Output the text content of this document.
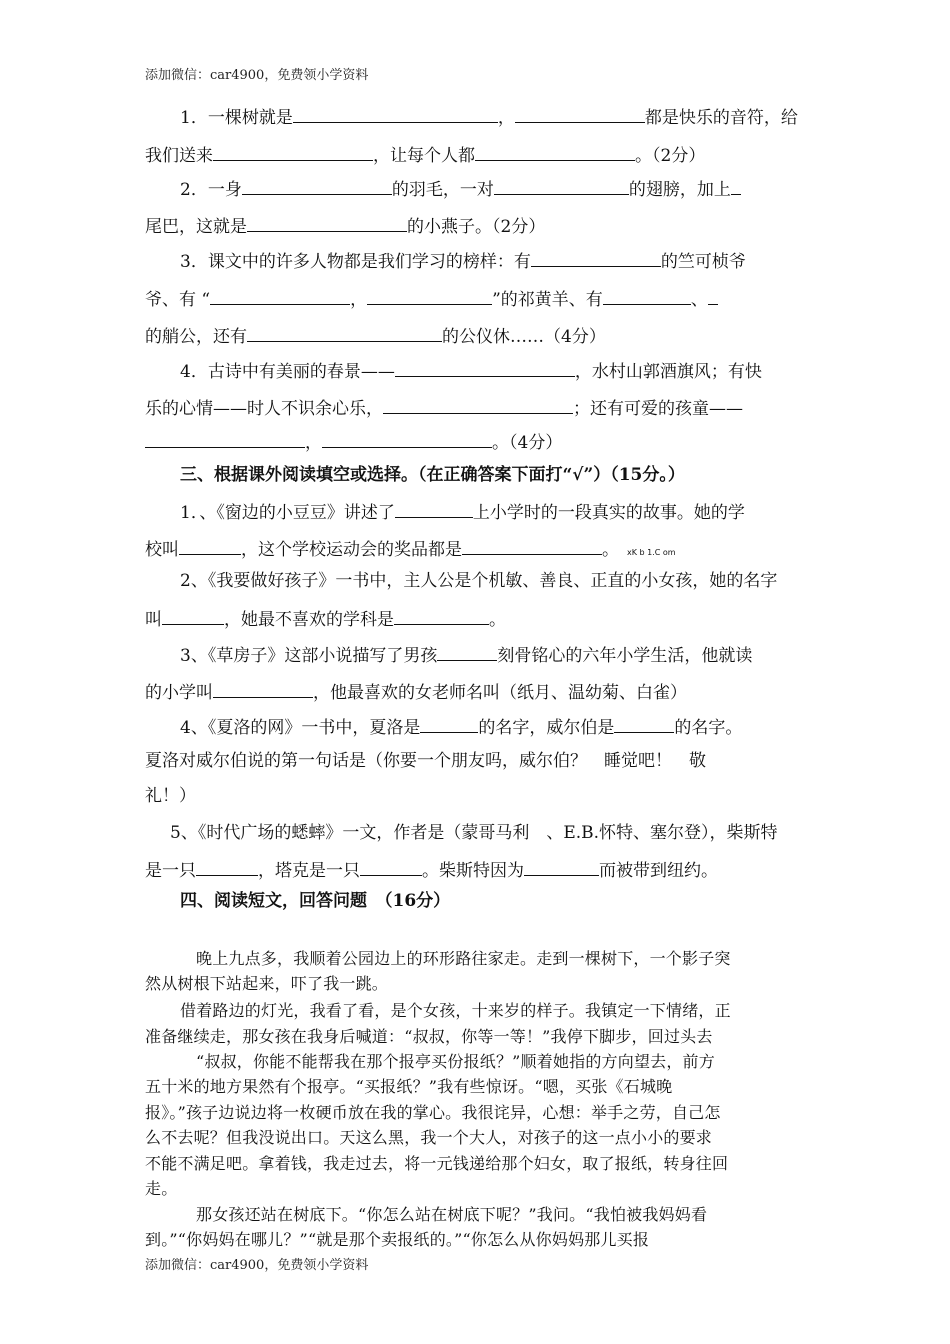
添加微信：car4900，免费领小学资料
1．一棵树就是	，	都是快乐的音符，给
我们送来	，让每个人都	。（2分）
2．一身	的羽毛，一对	的翅膀，加上
尾巴，这就是	的小燕子。（2分）
3．课文中的许多人物都是我们学习的榜样：有	的竺可桢爷
爷、有 “	，	”的祁黄羊、有	、
的艄公，还有	的公仪休……（4分）
4．古诗中有美丽的春景——	，水村山郭酒旗风；有快
乐的心情——时人不识余心乐，	；还有可爱的孩童——
，	。（4分）
三、根据课外阅读填空或选择。（在正确答案下面打“√”）（15分。）
1．、《窗边的小豆豆》讲述了	上小学时的一段真实的故事。她的学
校叫	，这个学校运动会的奖品都是	。 xK b 1.C om
2、《我要做好孩子》一书中，主人公是个机敏、善良、正直的小女孩，她的名字
叫	，她最不喜欢的学科是	。
3、《草房子》这部小说描写了男孩	刻骨铭心的六年小学生活，他就读
的小学叫	，他最喜欢的女老师名叫（纸月、温幼菊、白雀）
4、《夏洛的网》一书中，夏洛是	的名字，威尔伯是	的名字。
夏洛对威尔伯说的第一句话是（你要一个朋友吗，威尔伯？　睡觉吧！　敬
礼！）
5、《时代广场的蟋蟀》一文，作者是（蒙哥马利　、E.B.怀特、塞尔登），柴斯特
是一只	，塔克是一只	。柴斯特因为	而被带到纽约。
四、阅读短文，回答问题　（16分）
晚上九点多，我顺着公园边上的环形路往家走。走到一棵树下，一个影子突
然从树根下站起来，吓了我一跳。
借着路边的灯光，我看了看，是个女孩，十来岁的样子。我镇定一下情绪，正
准备继续走，那女孩在我身后喊道：“叔叔，你等一等！”我停下脚步，回过头去
“叔叔，你能不能帮我在那个报亭买份报纸？”顺着她指的方向望去，前方
五十米的地方果然有个报亭。“买报纸？”我有些惊讶。“嗯，买张《石城晚
报》。”孩子边说边将一枚硬币放在我的掌心。我很诧异，心想：举手之劳，自己怎
么不去呢？但我没说出口。天这么黑，我一个大人，对孩子的这一点小小的要求
不能不满足吧。拿着钱，我走过去，将一元钱递给那个妇女，取了报纸，转身往回
走。
那女孩还站在树底下。“你怎么站在树底下呢？”我问。“我怕被我妈妈看
到。”“你妈妈在哪儿？”“就是那个卖报纸的。”“你怎么从你妈妈那儿买报
添加微信：car4900，免费领小学资料
